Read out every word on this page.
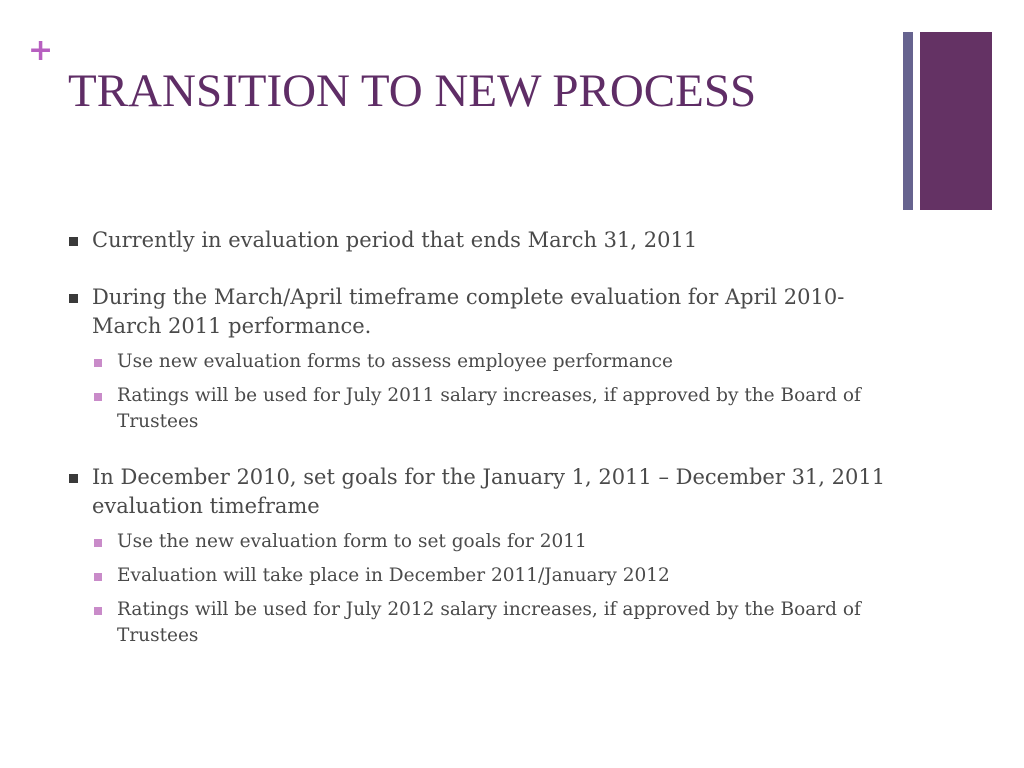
+
TRANSITION TO NEW PROCESS
Currently in evaluation period that ends March 31, 2011
During the March/April timeframe complete evaluation for April 2010-March 2011 performance.
Use new evaluation forms to assess employee performance
Ratings will be used for July 2011 salary increases, if approved by the Board of Trustees
In December 2010, set goals for the January 1, 2011 – December 31, 2011 evaluation timeframe
Use the new evaluation form to set goals for 2011
Evaluation will take place in December 2011/January 2012
Ratings will be used for July 2012 salary increases, if approved by the Board of Trustees
